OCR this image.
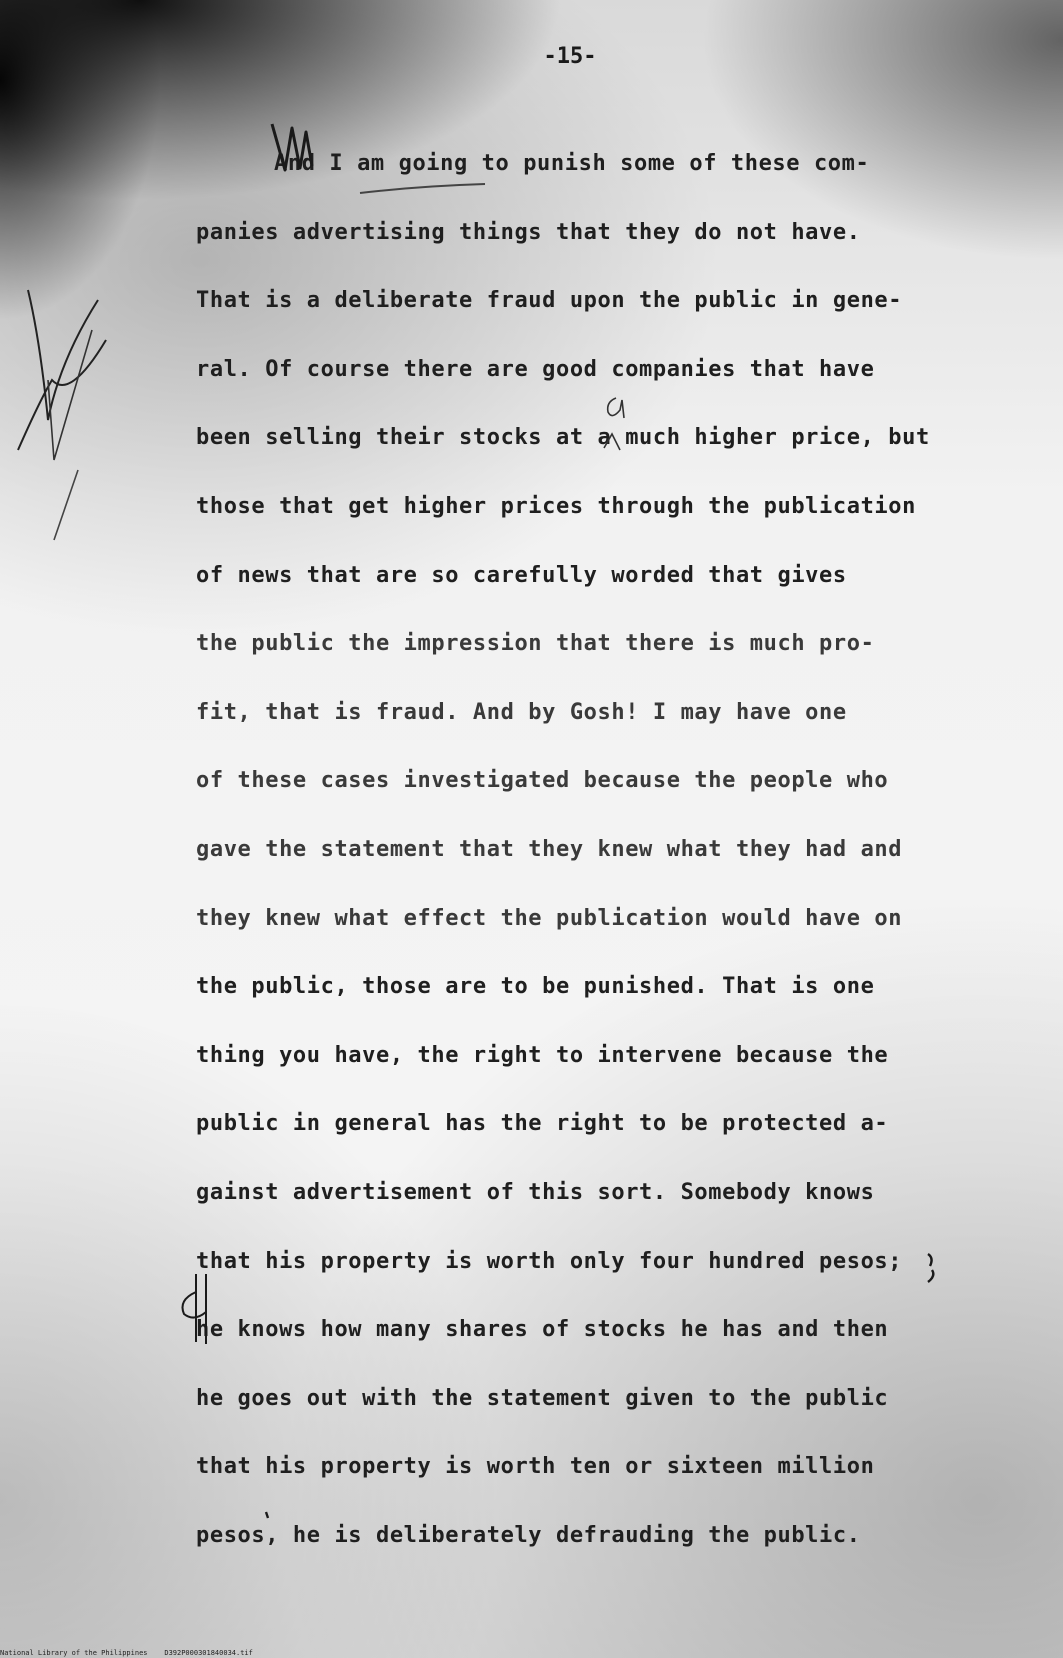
-15-
And I am going to punish some of these com-
panies advertising things that they do not have.
That is a deliberate fraud upon the public in gene-
ral. Of course there are good companies that have
been selling their stocks at a much higher price, but
those that get higher prices through the publication
of news that are so carefully worded that gives
the public the impression that there is much pro-
fit, that is fraud. And by Gosh! I may have one
of these cases investigated because the people who
gave the statement that they knew what they had and
they knew what effect the publication would have on
the public, those are to be punished. That is one
thing you have, the right to intervene because the
public in general has the right to be protected a-
gainst advertisement of this sort. Somebody knows
that his property is worth only four hundred pesos;
he knows how many shares of stocks he has and then
he goes out with the statement given to the public
that his property is worth ten or sixteen million
pesos, he is deliberately defrauding the public.
National Library of the Philippines    D392P000301840034.tif
